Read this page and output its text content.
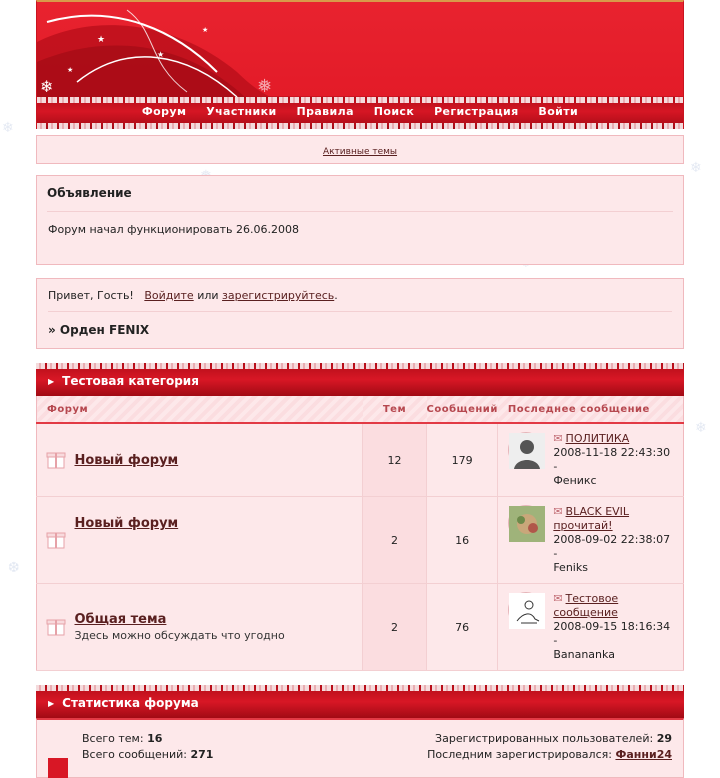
❄
❄
❄
❆
★
★
★
★
❄	❅
Форум Участники Правила Поиск Регистрация Войти
Активные темы
Объявление

Форум начал функционировать 26.06.2008

Привет, Гость! Войдите или зарегистрируйтесь.
» Орден FENIX
▶ Тестовая категория
Форум		Тем	Сообщений	Последнее сообщение
	Новый форум	12	179	✉ ПОЛИТИКА
2008-11-18 22:43:30 -
Феникс

	Новый форум	2	16	✉ BLACK EVIL прочитай!
2008-09-02 22:38:07 -
Feniks

	Общая тема
Здесь можно обсуждать что угодно	2	76	✉ Тестовое сообщение
2008-09-15 18:16:34 -
Banananka
▶ Статистика форума
Всего тем: 16
Всего сообщений: 271
Зарегистрированных пользователей: 29
Последним зарегистрировался: Фанни24
